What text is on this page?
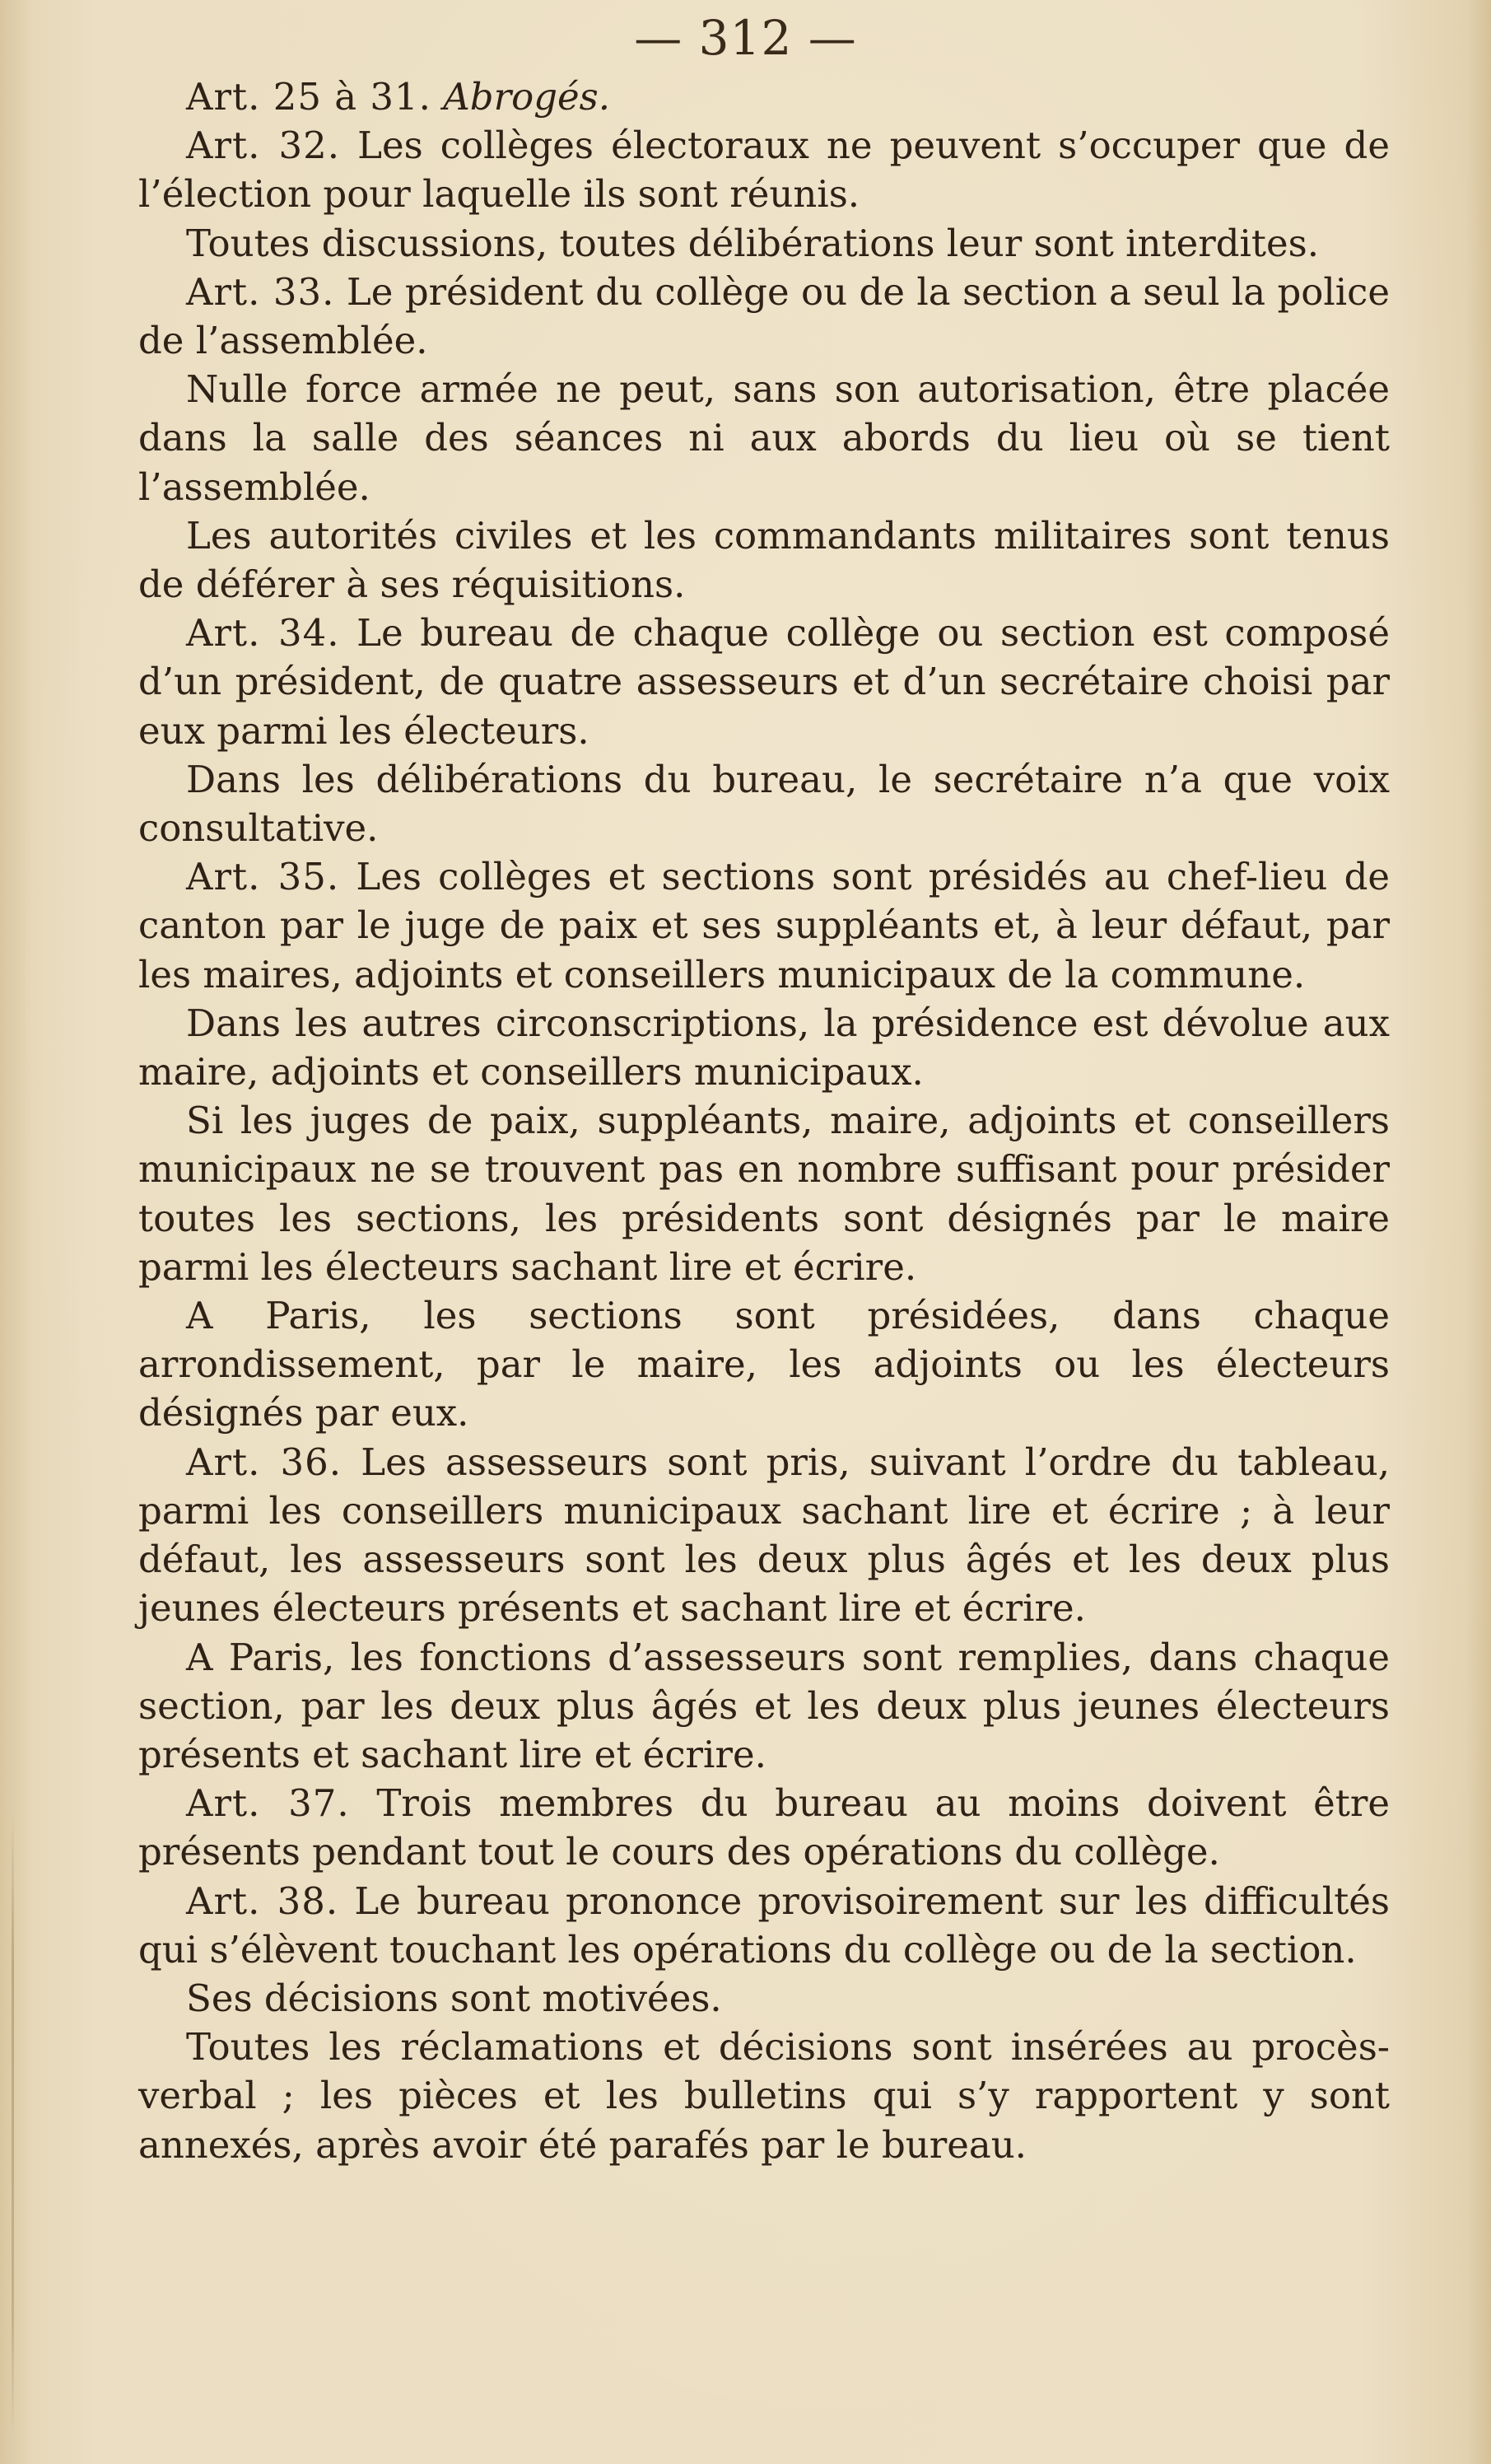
— 312 —

Art. 25 à 31. Abrogés.

Art. 32. Les collèges électoraux ne peuvent s’occuper que de l’élection pour laquelle ils sont réunis.

Toutes discussions, toutes délibérations leur sont interdites.

Art. 33. Le président du collège ou de la section a seul la police de l’assemblée.

Nulle force armée ne peut, sans son autorisation, être placée dans la salle des séances ni aux abords du lieu où se tient l’assemblée.

Les autorités civiles et les commandants militaires sont tenus de déférer à ses réquisitions.

Art. 34. Le bureau de chaque collège ou section est composé d’un président, de quatre assesseurs et d’un secrétaire choisi par eux parmi les électeurs.

Dans les délibérations du bureau, le secrétaire n’a que voix consultative.

Art. 35. Les collèges et sections sont présidés au chef-lieu de canton par le juge de paix et ses suppléants et, à leur défaut, par les maires, adjoints et conseillers municipaux de la commune.

Dans les autres circonscriptions, la présidence est dévolue aux maire, adjoints et conseillers municipaux.

Si les juges de paix, suppléants, maire, adjoints et conseillers municipaux ne se trouvent pas en nombre suffisant pour présider toutes les sections, les présidents sont désignés par le maire parmi les électeurs sachant lire et écrire.

A Paris, les sections sont présidées, dans chaque arrondissement, par le maire, les adjoints ou les électeurs désignés par eux.

Art. 36. Les assesseurs sont pris, suivant l’ordre du tableau, parmi les conseillers municipaux sachant lire et écrire ; à leur défaut, les assesseurs sont les deux plus âgés et les deux plus jeunes électeurs présents et sachant lire et écrire.

A Paris, les fonctions d’assesseurs sont remplies, dans chaque section, par les deux plus âgés et les deux plus jeunes électeurs présents et sachant lire et écrire.

Art. 37. Trois membres du bureau au moins doivent être présents pendant tout le cours des opérations du collège.

Art. 38. Le bureau prononce provisoirement sur les difficultés qui s’élèvent touchant les opérations du collège ou de la section.

Ses décisions sont motivées.

Toutes les réclamations et décisions sont insérées au procès-verbal ; les pièces et les bulletins qui s’y rapportent y sont annexés, après avoir été parafés par le bureau.
